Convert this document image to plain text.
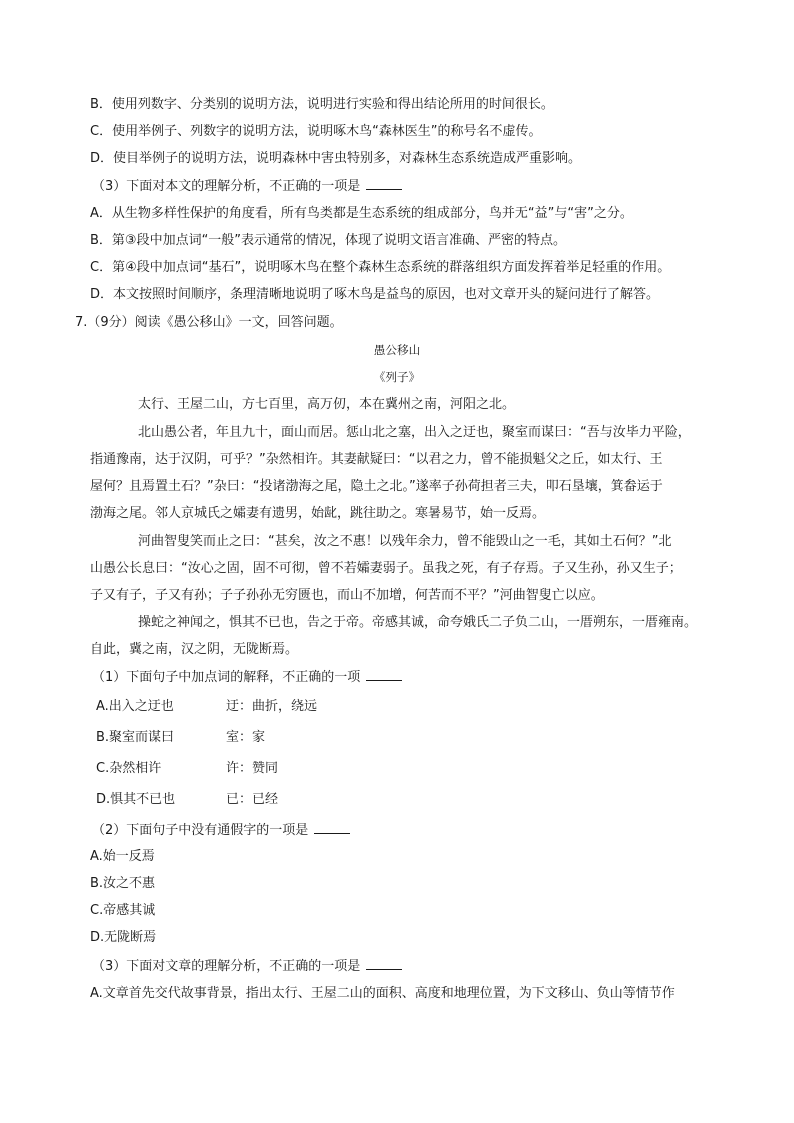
B．使用列数字、分类别的说明方法，说明进行实验和得出结论所用的时间很长。
C．使用举例子、列数字的说明方法，说明啄木鸟“森林医生”的称号名不虚传。
D．使目举例子的说明方法，说明森林中害虫特别多，对森林生态系统造成严重影响。
（3）下面对本文的理解分析，不正确的一项是
A．从生物多样性保护的角度看，所有鸟类都是生态系统的组成部分，鸟并无“益”与“害”之分。
B．第③段中加点词“一般”表示通常的情况，体现了说明文语言准确、严密的特点。
C．第④段中加点词“基石”，说明啄木鸟在整个森林生态系统的群落组织方面发挥着举足轻重的作用。
D．本文按照时间顺序，条理清晰地说明了啄木鸟是益鸟的原因，也对文章开头的疑问进行了解答。
7.（9分）阅读《愚公移山》一文，回答问题。
愚公移山
《列子》
太行、王屋二山，方七百里，高万仞，本在冀州之南，河阳之北。
北山愚公者，年且九十，面山而居。惩山北之塞，出入之迂也，聚室而谋曰：“吾与汝毕力平险，
指通豫南，达于汉阴，可乎？”杂然相许。其妻献疑曰：“以君之力，曾不能损魁父之丘，如太行、王
屋何？且焉置土石？”杂曰：“投诸渤海之尾，隐土之北。”遂率子孙荷担者三夫，叩石垦壤，箕畚运于
渤海之尾。邻人京城氏之孀妻有遗男，始龀，跳往助之。寒暑易节，始一反焉。
河曲智叟笑而止之曰：“甚矣，汝之不惠！以残年余力，曾不能毁山之一毛，其如土石何？”北
山愚公长息曰：“汝心之固，固不可彻，曾不若孀妻弱子。虽我之死，有子存焉。子又生孙，孙又生子；
子又有子，子又有孙；子子孙孙无穷匮也，而山不加增，何苦而不平？”河曲智叟亡以应。
操蛇之神闻之，惧其不已也，告之于帝。帝感其诚，命夸娥氏二子负二山，一厝朔东，一厝雍南。
自此，冀之南，汉之阴，无陇断焉。
（1）下面句子中加点词的解释，不正确的一项
A.出入之迂也	迂：曲折，绕远
B.聚室而谋曰	室：家
C.杂然相许	许：赞同
D.惧其不已也	已：已经
（2）下面句子中没有通假字的一项是
A.始一反焉
B.汝之不惠
C.帝感其诚
D.无陇断焉
（3）下面对文章的理解分析，不正确的一项是
A.文章首先交代故事背景，指出太行、王屋二山的面积、高度和地理位置，为下文移山、负山等情节作
